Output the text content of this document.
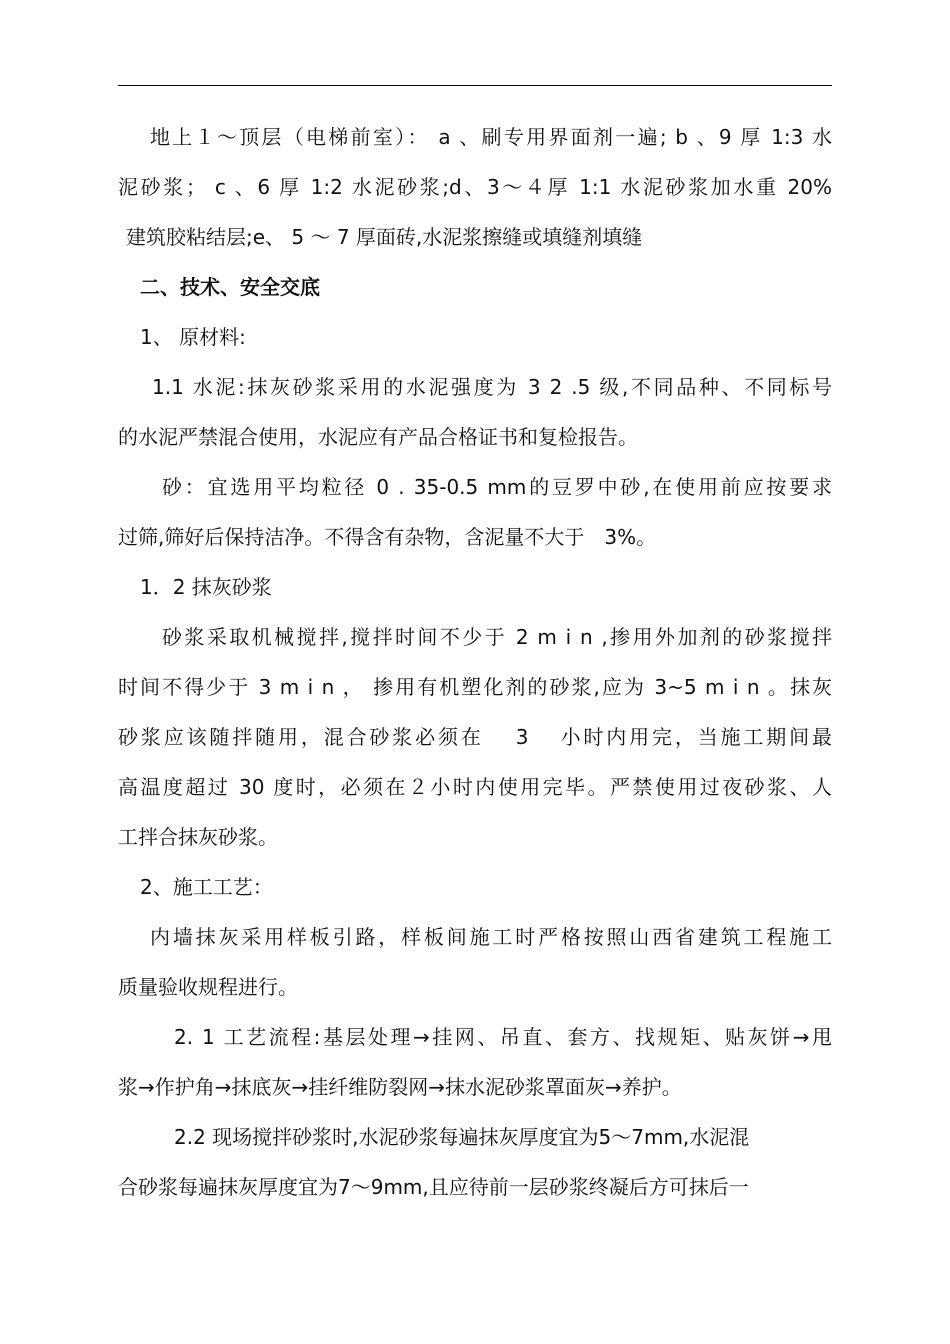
地上１～顶层（电梯前室）： a 、刷专用界面剂一遍; b 、9 厚 1:3 水
泥砂浆； c 、6 厚 1:2 水泥砂浆;d、3～４厚 1:1 水泥砂浆加水重 20%
建筑胶粘结层;e、 5 ～ 7 厚面砖,水泥浆擦缝或填缝剂填缝
二、技术、安全交底
1、 原材料:
1.1 水泥:抹灰砂浆采用的水泥强度为 3 2 .5 级,不同品种、不同标号
的水泥严禁混合使用，水泥应有产品合格证书和复检报告。
砂：宜选用平均粒径 0 . 35-0.5 mm的豆罗中砂,在使用前应按要求
过筛,筛好后保持洁净。不得含有杂物，含泥量不大于　3%。
1．2 抹灰砂浆
砂浆采取机械搅拌,搅拌时间不少于 2 m i n ,掺用外加剂的砂浆搅拌
时间不得少于 3 m i n ， 掺用有机塑化剂的砂浆,应为 3~5 m i n 。抹灰
砂浆应该随拌随用，混合砂浆必须在　 3 　小时内用完，当施工期间最
高温度超过 30 度时，必须在２小时内使用完毕。严禁使用过夜砂浆、人
工拌合抹灰砂浆。
2、施工工艺：
内墙抹灰采用样板引路，样板间施工时严格按照山西省建筑工程施工
质量验收规程进行。
2. 1 工艺流程:基层处理→挂网、吊直、套方、找规矩、贴灰饼→甩
浆→作护角→抹底灰→挂纤维防裂网→抹水泥砂浆罩面灰→养护。
2.2 现场搅拌砂浆时,水泥砂浆每遍抹灰厚度宜为5～7mm,水泥混
合砂浆每遍抹灰厚度宜为7～9mm,且应待前一层砂浆终凝后方可抹后一
